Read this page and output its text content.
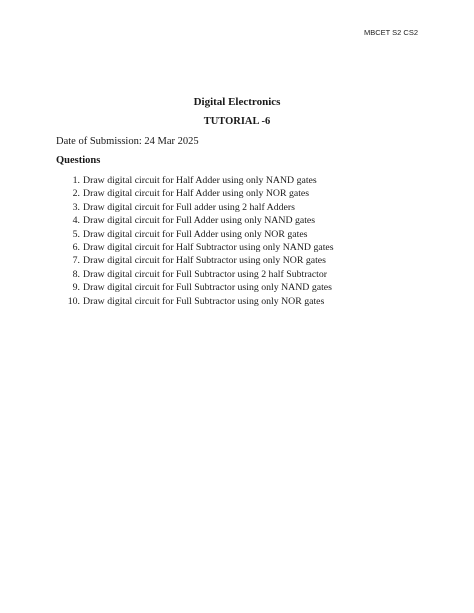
MBCET S2 CS2
Digital Electronics
TUTORIAL -6
Date of Submission: 24 Mar 2025
Questions
1. Draw digital circuit for Half Adder using only NAND gates
2. Draw digital circuit for Half Adder using only NOR gates
3. Draw digital circuit for Full adder using 2 half Adders
4. Draw digital circuit for Full Adder using only NAND gates
5. Draw digital circuit for Full Adder using only NOR gates
6. Draw digital circuit for Half Subtractor using only NAND gates
7. Draw digital circuit for Half Subtractor using only NOR gates
8. Draw digital circuit for Full Subtractor using 2 half Subtractor
9. Draw digital circuit for Full Subtractor using only NAND gates
10. Draw digital circuit for Full Subtractor using only NOR gates
